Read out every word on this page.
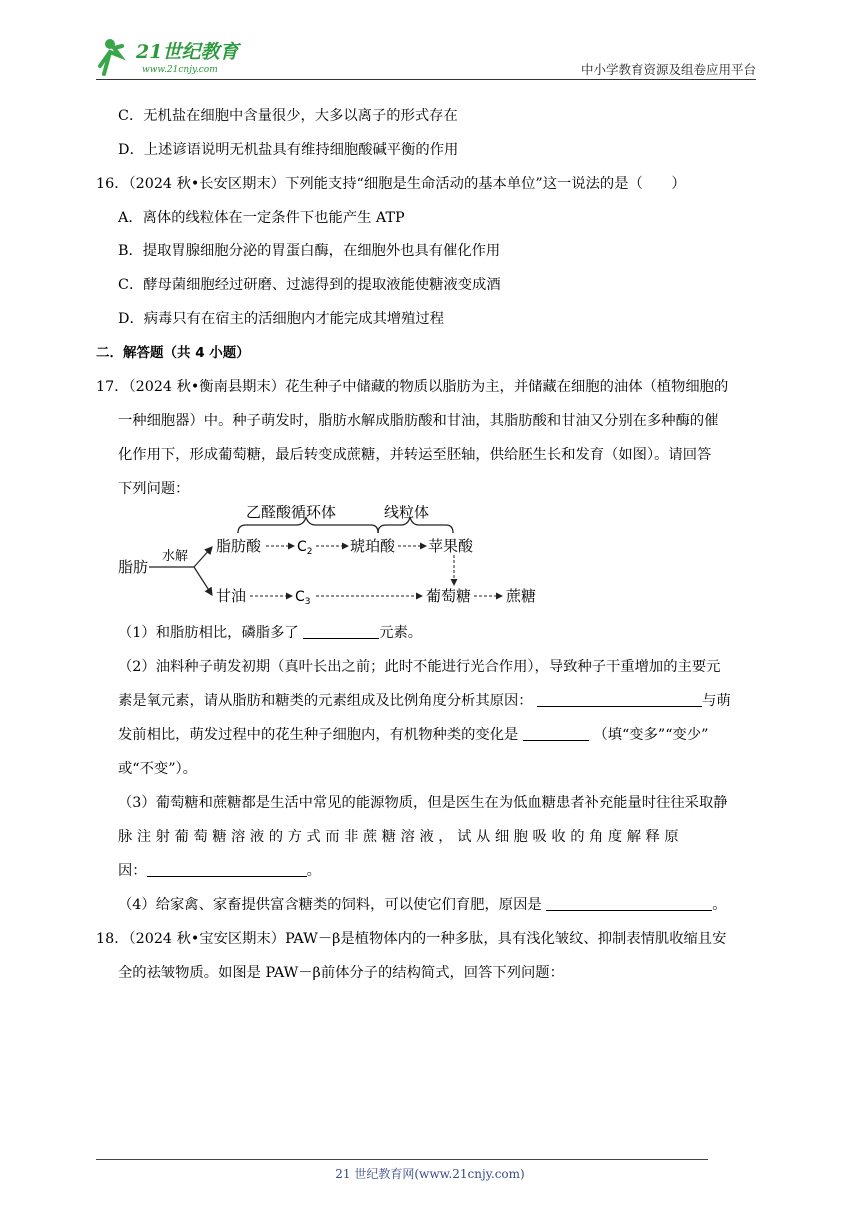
21世纪教育
www.21cnjy.com	中小学教育资源及组卷应用平台
C．无机盐在细胞中含量很少，大多以离子的形式存在
D．上述谚语说明无机盐具有维持细胞酸碱平衡的作用
16．（2024 秋•长安区期末）下列能支持“细胞是生命活动的基本单位”这一说法的是（　　）
A．离体的线粒体在一定条件下也能产生 ATP
B．提取胃腺细胞分泌的胃蛋白酶，在细胞外也具有催化作用
C．酵母菌细胞经过研磨、过滤得到的提取液能使糖液变成酒
D．病毒只有在宿主的活细胞内才能完成其增殖过程
二．解答题（共 4 小题）
17．（2024 秋•衡南县期末）花生种子中储藏的物质以脂肪为主，并储藏在细胞的油体（植物细胞的
一种细胞器）中。种子萌发时，脂肪水解成脂肪酸和甘油，其脂肪酸和甘油又分别在多种酶的催
化作用下，形成葡萄糖，最后转变成蔗糖，并转运至胚轴，供给胚生长和发育（如图）。请回答
下列问题：
乙醛酸循环体	线粒体
脂肪
水解
脂肪酸	$C_2$ 琥珀酸 苹果酸
甘油	$C_3$	葡萄糖 蔗糖
（1）和脂肪相比，磷脂多了	元素。
（2）油料种子萌发初期（真叶长出之前；此时不能进行光合作用），导致种子干重增加的主要元
素是氧元素，请从脂肪和糖类的元素组成及比例角度分析其原因：	与萌
发前相比，萌发过程中的花生种子细胞内，有机物种类的变化是	（填“变多”“变少”
或“不变”）。
（3）葡萄糖和蔗糖都是生活中常见的能源物质，但是医生在为低血糖患者补充能量时往往采取静
脉 注 射 葡 萄 糖 溶 液 的 方 式 而 非 蔗 糖 溶 液 ， 试 从 细 胞 吸 收 的 角 度 解 释 原
因：	。
（4）给家禽、家畜提供富含糖类的饲料，可以使它们育肥，原因是	。
18．（2024 秋•宝安区期末）PAW－β是植物体内的一种多肽，具有浅化皱纹、抑制表情肌收缩且安
全的祛皱物质。如图是 PAW－β前体分子的结构简式，回答下列问题：
21 世纪教育网(www.21cnjy.com)
